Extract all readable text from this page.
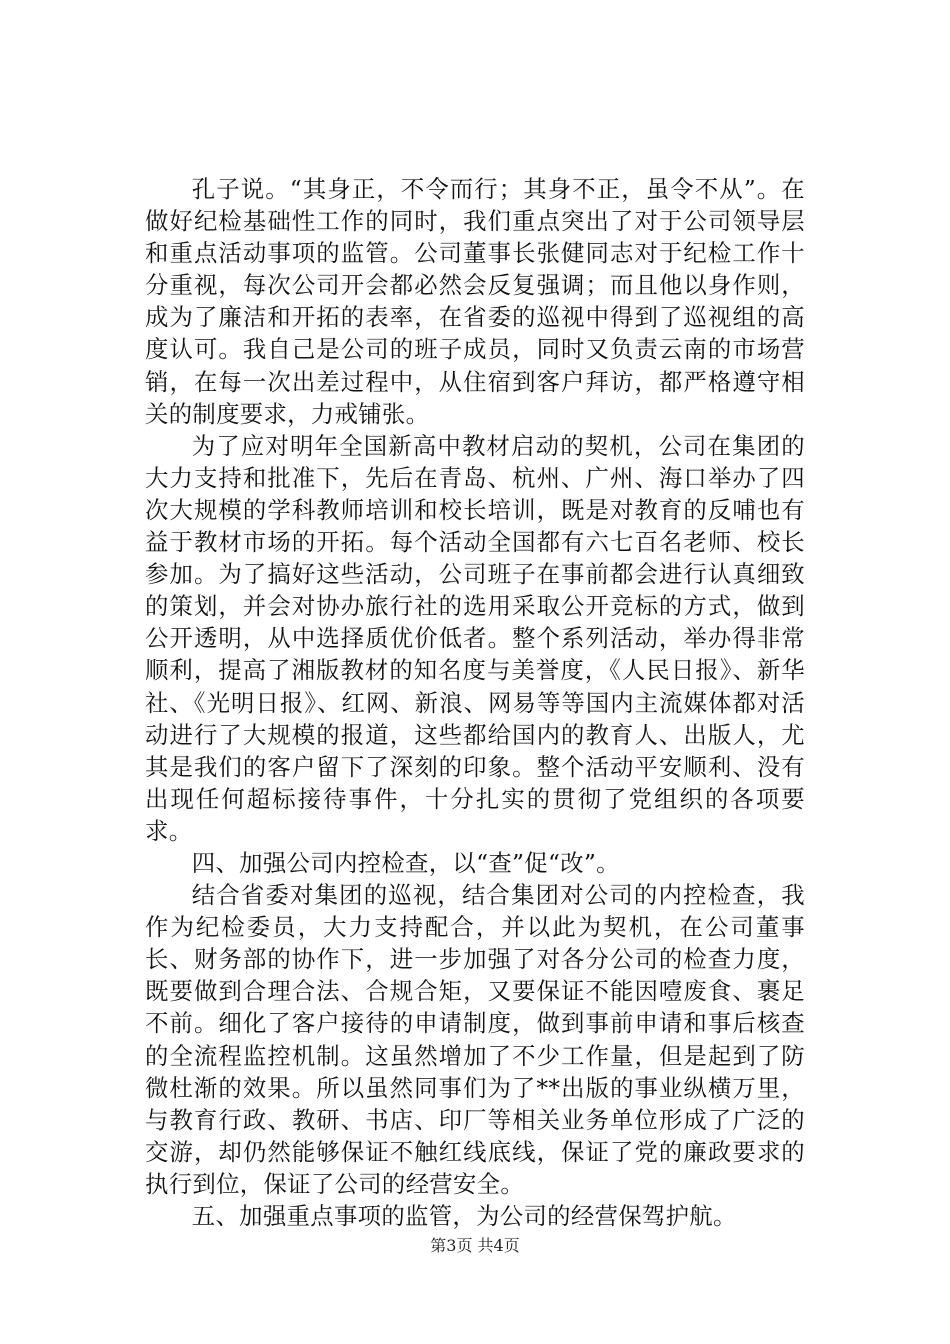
孔子说。“其身正，不令而行；其身不正，虽令不从”。在做好纪检基础性工作的同时，我们重点突出了对于公司领导层和重点活动事项的监管。公司董事长张健同志对于纪检工作十分重视，每次公司开会都必然会反复强调；而且他以身作则，成为了廉洁和开拓的表率，在省委的巡视中得到了巡视组的高度认可。我自己是公司的班子成员，同时又负责云南的市场营销，在每一次出差过程中，从住宿到客户拜访，都严格遵守相关的制度要求，力戒铺张。

为了应对明年全国新高中教材启动的契机，公司在集团的大力支持和批准下，先后在青岛、杭州、广州、海口举办了四次大规模的学科教师培训和校长培训，既是对教育的反哺也有益于教材市场的开拓。每个活动全国都有六七百名老师、校长参加。为了搞好这些活动，公司班子在事前都会进行认真细致的策划，并会对协办旅行社的选用采取公开竞标的方式，做到公开透明，从中选择质优价低者。整个系列活动，举办得非常顺利，提高了湘版教材的知名度与美誉度，《人民日报》、新华社、《光明日报》、红网、新浪、网易等等国内主流媒体都对活动进行了大规模的报道，这些都给国内的教育人、出版人，尤其是我们的客户留下了深刻的印象。整个活动平安顺利、没有出现任何超标接待事件，十分扎实的贯彻了党组织的各项要求。

四、加强公司内控检查，以“查”促“改”。

结合省委对集团的巡视，结合集团对公司的内控检查，我作为纪检委员，大力支持配合，并以此为契机，在公司董事长、财务部的协作下，进一步加强了对各分公司的检查力度，既要做到合理合法、合规合矩，又要保证不能因噎废食、裹足不前。细化了客户接待的申请制度，做到事前申请和事后核查的全流程监控机制。这虽然增加了不少工作量，但是起到了防微杜渐的效果。所以虽然同事们为了**出版的事业纵横万里，与教育行政、教研、书店、印厂等相关业务单位形成了广泛的交游，却仍然能够保证不触红线底线，保证了党的廉政要求的执行到位，保证了公司的经营安全。

五、加强重点事项的监管，为公司的经营保驾护航。

第3页 共4页
